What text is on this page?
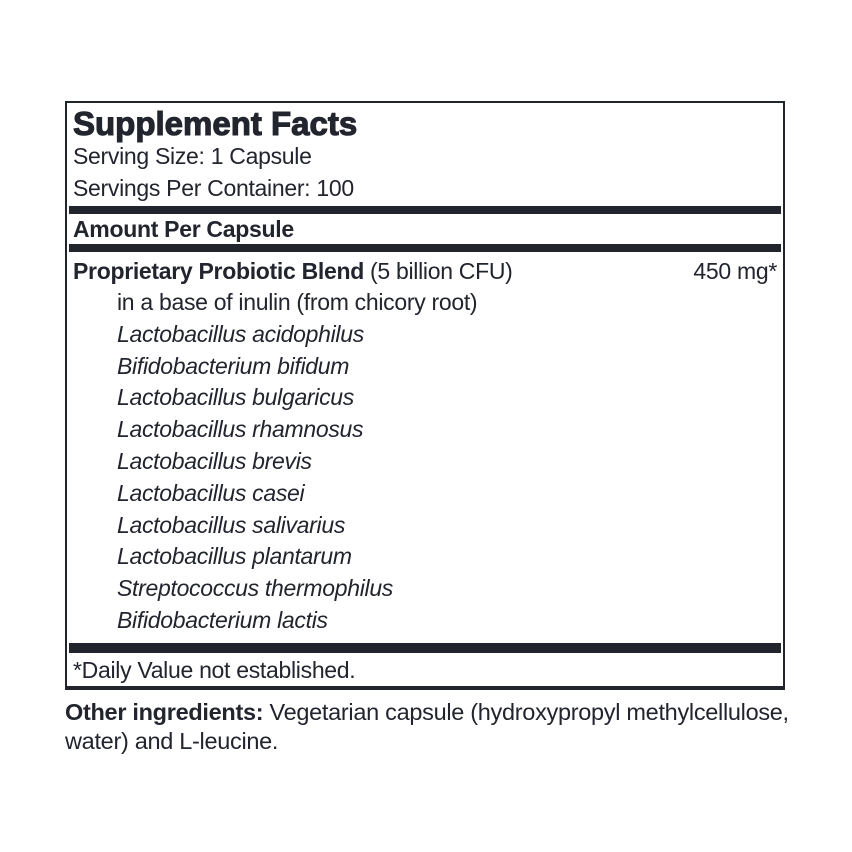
Supplement Facts
Serving Size: 1 Capsule
Servings Per Container: 100
Amount Per Capsule
Proprietary Probiotic Blend (5 billion CFU)	450 mg*
in a base of inulin (from chicory root)
Lactobacillus acidophilus
Bifidobacterium bifidum
Lactobacillus bulgaricus
Lactobacillus rhamnosus
Lactobacillus brevis
Lactobacillus casei
Lactobacillus salivarius
Lactobacillus plantarum
Streptococcus thermophilus
Bifidobacterium lactis
*Daily Value not established.
Other ingredients: Vegetarian capsule (hydroxypropyl methylcellulose,
water) and L-leucine.
